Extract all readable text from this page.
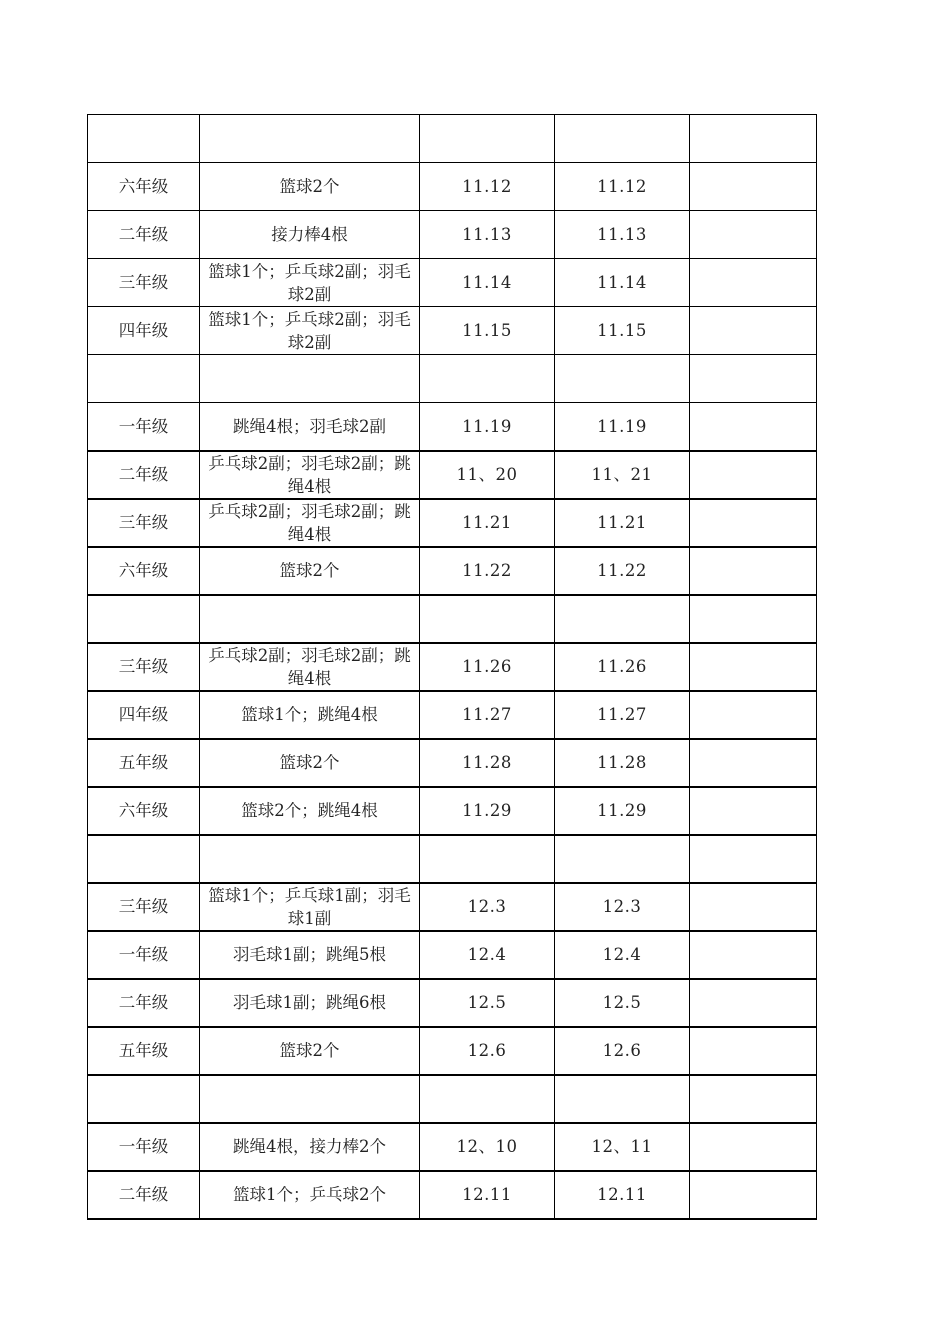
六年级	篮球2个	11.12	11.12	
二年级	接力棒4根	11.13	11.13	
三年级	篮球1个；乒乓球2副；羽毛球2副	11.14	11.14	
四年级	篮球1个；乒乓球2副；羽毛球2副	11.15	11.15	

一年级	跳绳4根；羽毛球2副	11.19	11.19	
二年级	乒乓球2副；羽毛球2副；跳绳4根	11、20	11、21	
三年级	乒乓球2副；羽毛球2副；跳绳4根	11.21	11.21	
六年级	篮球2个	11.22	11.22	

三年级	乒乓球2副；羽毛球2副；跳绳4根	11.26	11.26	
四年级	篮球1个；跳绳4根	11.27	11.27	
五年级	篮球2个	11.28	11.28	
六年级	篮球2个；跳绳4根	11.29	11.29	

三年级	篮球1个；乒乓球1副；羽毛球1副	12.3	12.3	
一年级	羽毛球1副；跳绳5根	12.4	12.4	
二年级	羽毛球1副；跳绳6根	12.5	12.5	
五年级	篮球2个	12.6	12.6	

一年级	跳绳4根，接力棒2个	12、10	12、11	
二年级	篮球1个；乒乓球2个	12.11	12.11	
